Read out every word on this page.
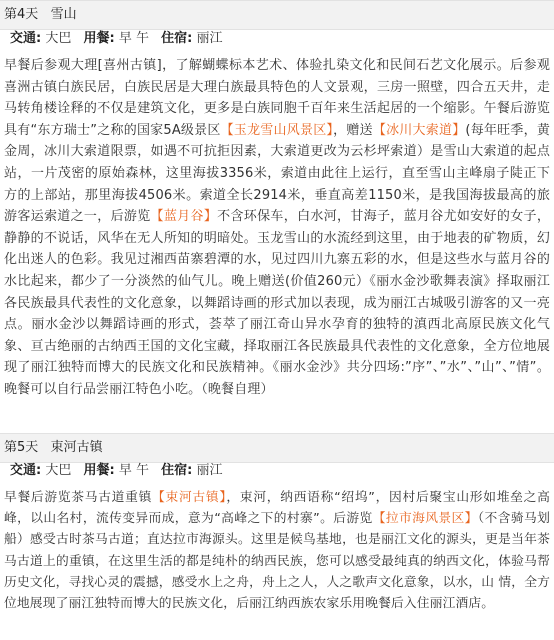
第4天   雪山
交通: 大巴 用餐: 早 午 住宿: 丽江

早餐后参观大理[喜州古镇]，了解蝴蝶标本艺术、体验扎染文化和民间石艺文化展示。后参观喜洲古镇白族民居，白族民居是大理白族最具特色的人文景观，三房一照壁，四合五天井，走马转角楼诠释的不仅是建筑文化，更多是白族同胞千百年来生活起居的一个缩影。午餐后游览具有“东方瑞士”之称的国家5A级景区【玉龙雪山风景区】，赠送【冰川大索道】(每年旺季，黄金周，冰川大索道限票，如遇不可抗拒因素，大索道更改为云杉坪索道）是雪山大索道的起点站，一片茂密的原始森林，这里海拔3356米，索道由此往上运行，直至雪山主峰扇子陡正下方的上部站，那里海拔4506米。索道全长2914米，垂直高差1150米，是我国海拔最高的旅游客运索道之一，后游览【蓝月谷】不含环保车，白水河，甘海子，蓝月谷尤如安好的女子，静静的不说话，风华在无人所知的明暗处。玉龙雪山的水流经到这里，由于地表的矿物质，幻化出迷人的色彩。我见过湘西苗寨碧潭的水，见过四川九寨五彩的水，但是这些水与蓝月谷的水比起来，都少了一分淡然的仙气儿。晚上赠送(价值260元）《丽水金沙歌舞表演》择取丽江各民族最具代表性的文化意象，以舞蹈诗画的形式加以表现，成为丽江古城吸引游客的又一亮点。丽水金沙以舞蹈诗画的形式，荟萃了丽江奇山异水孕育的独特的滇西北高原民族文化气象、亘古绝丽的古纳西王国的文化宝藏，择取丽江各民族最具代表性的文化意象，全方位地展现了丽江独特而博大的民族文化和民族精神。《丽水金沙》共分四场:”序”、”水”、”山”、”情”。晚餐可以自行品尝丽江特色小吃。（晚餐自理）

第5天   束河古镇
交通: 大巴 用餐: 早 午 住宿: 丽江

早餐后游览茶马古道重镇【束河古镇】，束河，纳西语称“绍坞”，因村后聚宝山形如堆垒之高峰，以山名村，流传变异而成，意为“高峰之下的村寨”。后游览【拉市海风景区】（不含骑马划船）感受古时茶马古道；直达拉市海源头。这里是候鸟基地，也是丽江文化的源头，更是当年茶马古道上的重镇，在这里生活的都是纯朴的纳西民族，您可以感受最纯真的纳西文化，体验马帮历史文化，寻找心灵的震撼，感受水上之舟，舟上之人，人之歌声文化意象，以水，山 情，全方位地展现了丽江独特而博大的民族文化，后丽江纳西族农家乐用晚餐后入住丽江酒店。
